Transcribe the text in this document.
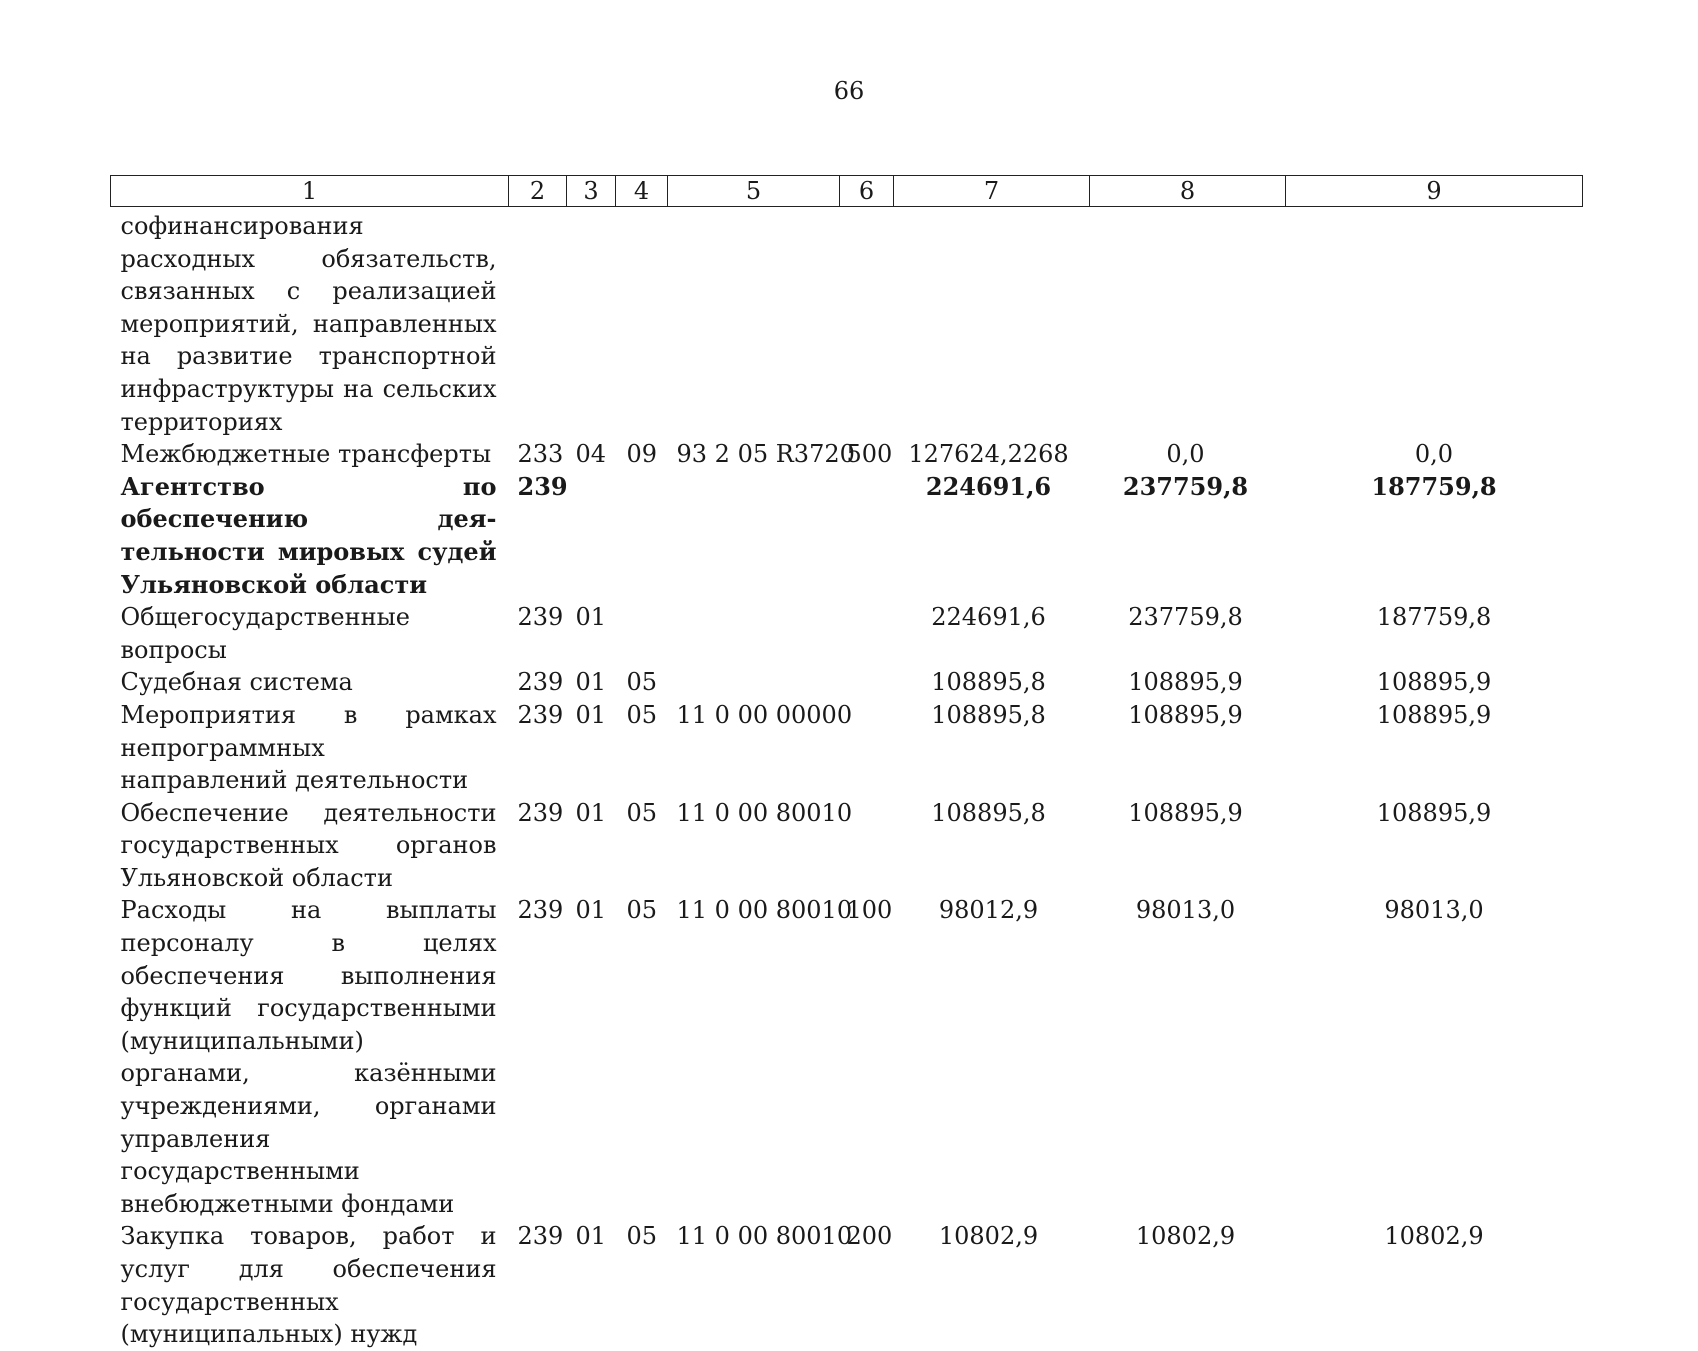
66
1	2	3	4	5	6	7	8	9
софинансирования расходных обязательств, связанных с реализацией мероприятий, направленных на развитие транспортной инфраструктуры на сельских территориях								
Межбюджетные трансферты	233	04	09	93 2 05 R3720	500	127624,2268	0,0	0,0
Агентство по обеспечению деятельности мировых судей Ульяновской области	239					224691,6	237759,8	187759,8
Общегосударственные вопросы	239	01				224691,6	237759,8	187759,8
Судебная система	239	01	05			108895,8	108895,9	108895,9
Мероприятия в рамках непрограммных направлений деятельности	239	01	05	11 0 00 00000		108895,8	108895,9	108895,9
Обеспечение деятельности государственных органов Ульяновской области	239	01	05	11 0 00 80010		108895,8	108895,9	108895,9
Расходы на выплаты персоналу в целях обеспечения выполнения функций государственными (муниципальными) органами, казёнными учреждениями, органами управления государственными внебюджетными фондами	239	01	05	11 0 00 80010	100	98012,9	98013,0	98013,0
Закупка товаров, работ и услуг для обеспечения государственных (муниципальных) нужд	239	01	05	11 0 00 80010	200	10802,9	10802,9	10802,9
